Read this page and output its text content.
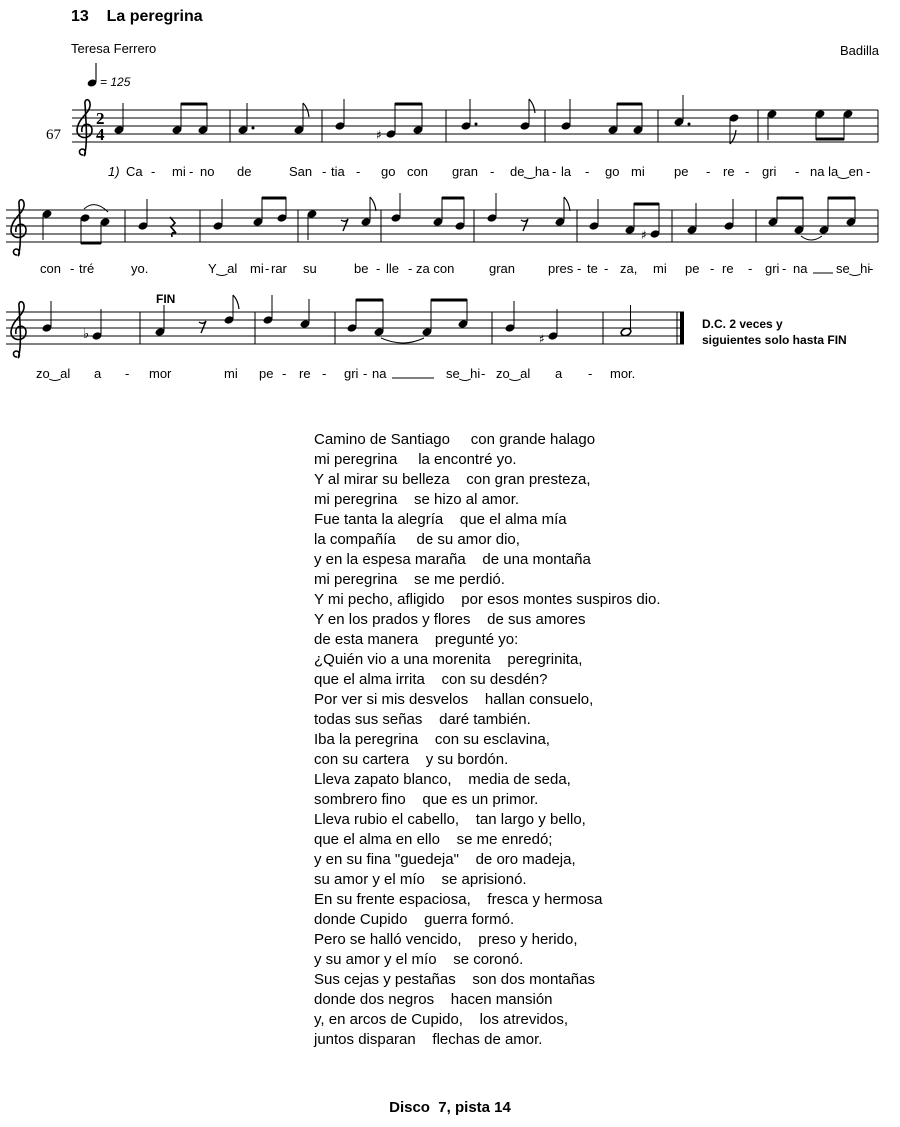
13 La peregrina
Teresa Ferrero	Badilla
= 125
67
2
4	♯
1) Ca - mi - no de	San - tia - go con gran - de‿ha - la - go mi pe - re - gri - na la‿en -
♯
con - tré	yo.	Y‿al mi - rar su	be - lle - za con	gran	pres - te - za, mi pe - re - gri - na se‿hi
-
FIN
♭	♯
D.C. 2 veces y
siguientes solo hasta FIN
zo‿al a - mor	mi pe - re - gri - na	se‿hi - zo‿al a - mor.
Camino de Santiago     con grande halago
mi peregrina     la encontré yo.
Y al mirar su belleza    con gran presteza,
mi peregrina    se hizo al amor.
Fue tanta la alegría    que el alma mía
la compañía     de su amor dio,
y en la espesa maraña    de una montaña
mi peregrina    se me perdió.
Y mi pecho, afligido    por esos montes suspiros dio.
Y en los prados y flores    de sus amores
de esta manera    pregunté yo:
¿Quién vio a una morenita    peregrinita,
que el alma irrita    con su desdén?
Por ver si mis desvelos    hallan consuelo,
todas sus señas    daré también.
Iba la peregrina    con su esclavina,
con su cartera    y su bordón.
Lleva zapato blanco,    media de seda,
sombrero fino    que es un primor.
Lleva rubio el cabello,    tan largo y bello,
que el alma en ello    se me enredó;
y en su fina "guedeja"    de oro madeja,
su amor y el mío    se aprisionó.
En su frente espaciosa,    fresca y hermosa
donde Cupido    guerra formó.
Pero se halló vencido,    preso y herido,
y su amor y el mío    se coronó.
Sus cejas y pestañas    son dos montañas
donde dos negros    hacen mansión
y, en arcos de Cupido,    los atrevidos,
juntos disparan    flechas de amor.
Disco  7, pista 14
